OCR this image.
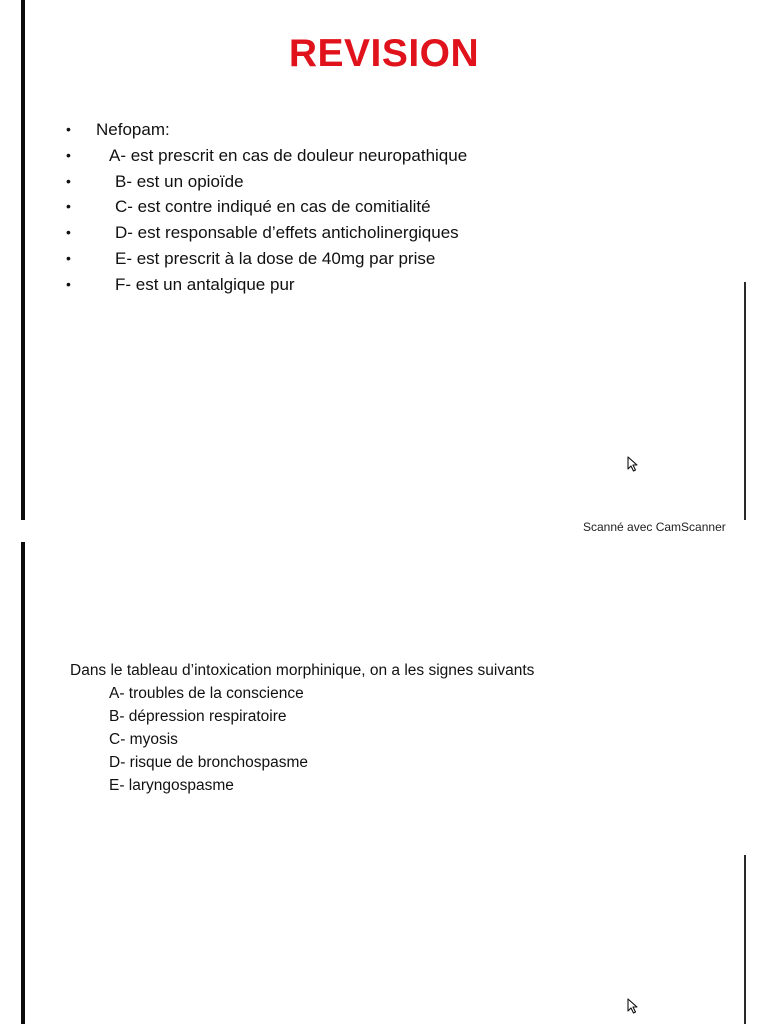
REVISION
• Nefopam:
• A- est prescrit en cas de douleur neuropathique
•	B- est un opioïde
•	C- est contre indiqué en cas de comitialité
•	D- est responsable d’effets anticholinergiques
•	E- est prescrit à la dose de 40mg par prise
•	F- est un antalgique pur
Scanné avec CamScanner
Dans le tableau d’intoxication morphinique, on a les signes suivants
A- troubles de la conscience
B- dépression respiratoire
C- myosis
D- risque de bronchospasme
E- laryngospasme
